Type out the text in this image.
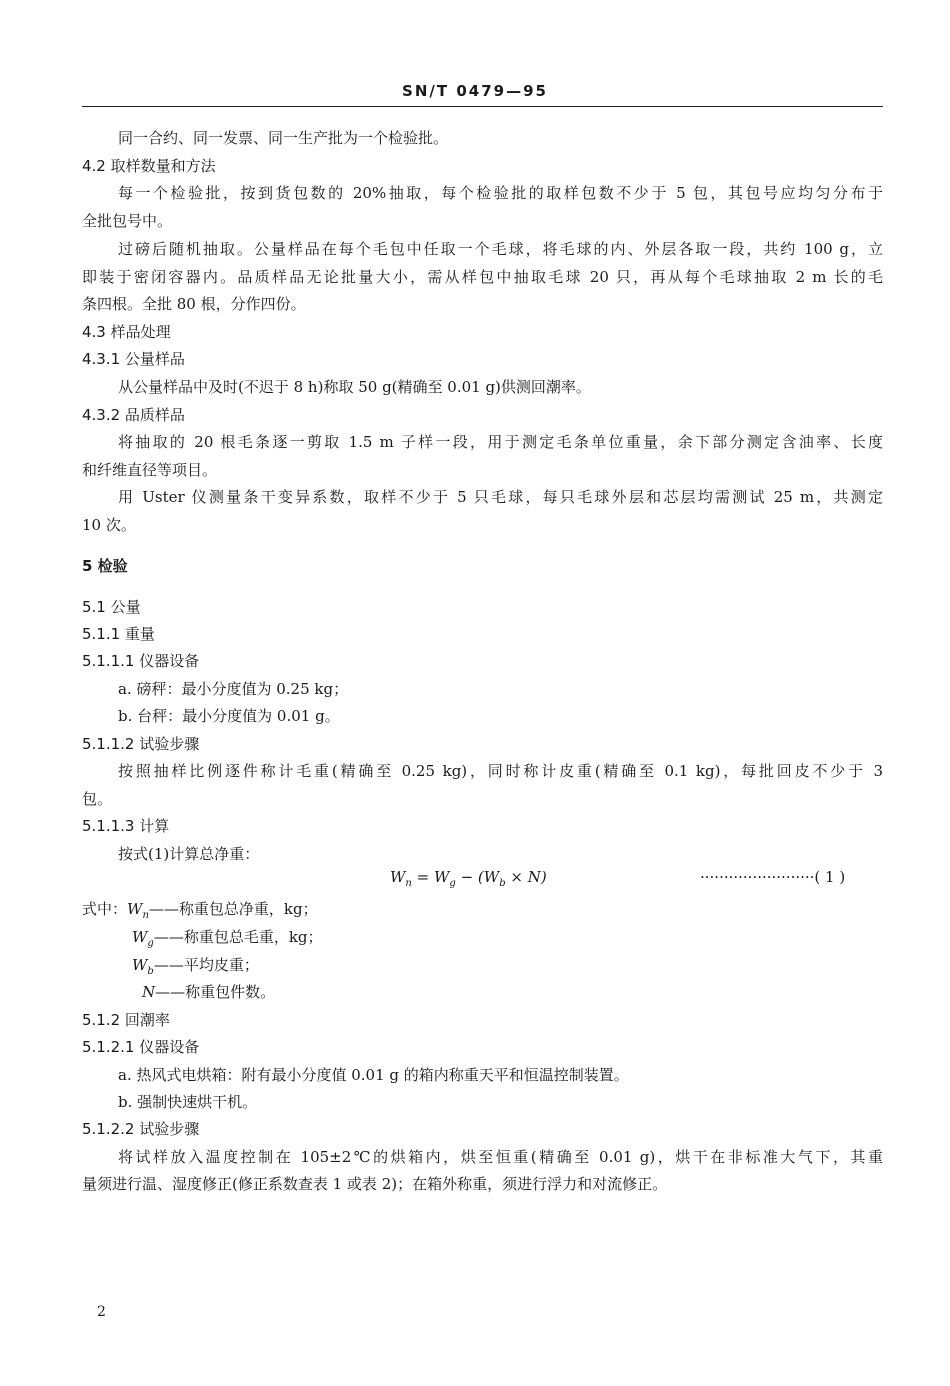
SN/T 0479—95
同一合约、同一发票、同一生产批为一个检验批。
4.2 取样数量和方法
每一个检验批，按到货包数的 20%抽取，每个检验批的取样包数不少于 5 包，其包号应均匀分布于
全批包号中。
过磅后随机抽取。公量样品在每个毛包中任取一个毛球，将毛球的内、外层各取一段，共约 100 g，立
即装于密闭容器内。品质样品无论批量大小，需从样包中抽取毛球 20 只，再从每个毛球抽取 2 m 长的毛
条四根。全批 80 根，分作四份。
4.3 样品处理
4.3.1 公量样品
从公量样品中及时(不迟于 8 h)称取 50 g(精确至 0.01 g)供测回潮率。
4.3.2 品质样品
将抽取的 20 根毛条逐一剪取 1.5 m 子样一段，用于测定毛条单位重量，余下部分测定含油率、长度
和纤维直径等项目。
用 Uster 仪测量条干变异系数，取样不少于 5 只毛球，每只毛球外层和芯层均需测试 25 m，共测定
10 次。
5 检验
5.1 公量
5.1.1 重量
5.1.1.1 仪器设备
a. 磅秤：最小分度值为 0.25 kg；
b. 台秤：最小分度值为 0.01 g。
5.1.1.2 试验步骤
按照抽样比例逐件称计毛重(精确至 0.25 kg)，同时称计皮重(精确至 0.1 kg)，每批回皮不少于 3
包。
5.1.1.3 计算
按式(1)计算总净重：
$W_n = W_g - (W_b \times N)$	························( 1 )
式中：$W_n——$称重包总净重，kg；
$W_g——$称重包总毛重，kg；
$W_b——$平均皮重；
N——称重包件数。
5.1.2 回潮率
5.1.2.1 仪器设备
a. 热风式电烘箱：附有最小分度值 0.01 g 的箱内称重天平和恒温控制装置。
b. 强制快速烘干机。
5.1.2.2 试验步骤
将试样放入温度控制在 105±2℃的烘箱内，烘至恒重(精确至 0.01 g)，烘干在非标准大气下，其重
量须进行温、湿度修正(修正系数查表 1 或表 2)；在箱外称重，须进行浮力和对流修正。
2
